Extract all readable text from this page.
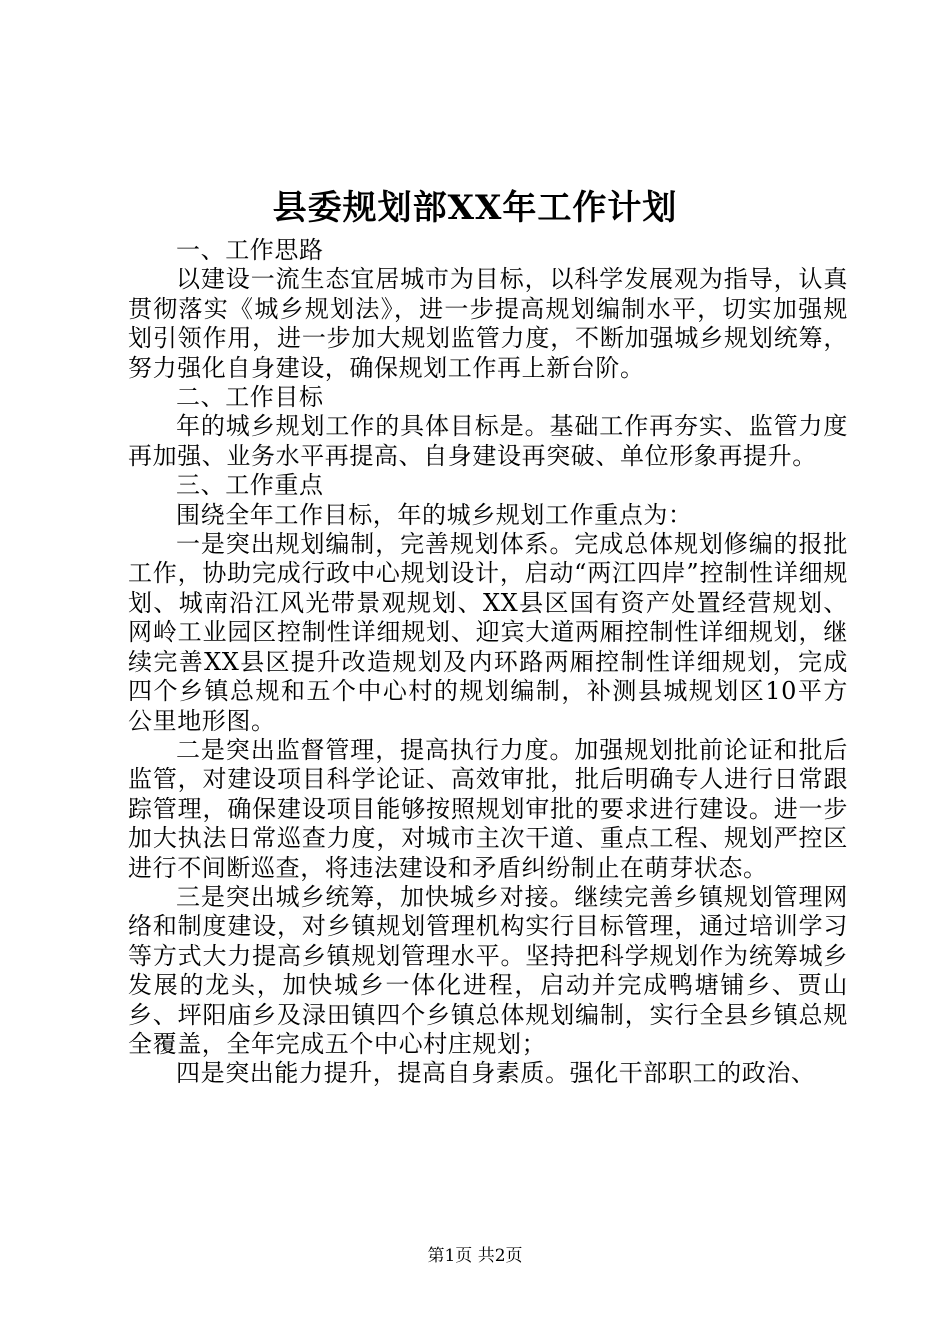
县委规划部XX年工作计划

一、工作思路

以建设一流生态宜居城市为目标，以科学发展观为指导，认真贯彻落实《城乡规划法》，进一步提高规划编制水平，切实加强规划引领作用，进一步加大规划监管力度，不断加强城乡规划统筹，努力强化自身建设，确保规划工作再上新台阶。

二、工作目标

年的城乡规划工作的具体目标是。基础工作再夯实、监管力度再加强、业务水平再提高、自身建设再突破、单位形象再提升。

三、工作重点

围绕全年工作目标，年的城乡规划工作重点为：

一是突出规划编制，完善规划体系。完成总体规划修编的报批工作，协助完成行政中心规划设计，启动“两江四岸”控制性详细规划、城南沿江风光带景观规划、XX县区国有资产处置经营规划、网岭工业园区控制性详细规划、迎宾大道两厢控制性详细规划，继续完善XX县区提升改造规划及内环路两厢控制性详细规划，完成四个乡镇总规和五个中心村的规划编制，补测县城规划区10平方公里地形图。

二是突出监督管理，提高执行力度。加强规划批前论证和批后监管，对建设项目科学论证、高效审批，批后明确专人进行日常跟踪管理，确保建设项目能够按照规划审批的要求进行建设。进一步加大执法日常巡查力度，对城市主次干道、重点工程、规划严控区进行不间断巡查，将违法建设和矛盾纠纷制止在萌芽状态。

三是突出城乡统筹，加快城乡对接。继续完善乡镇规划管理网络和制度建设，对乡镇规划管理机构实行目标管理，通过培训学习等方式大力提高乡镇规划管理水平。坚持把科学规划作为统筹城乡发展的龙头，加快城乡一体化进程，启动并完成鸭塘铺乡、贾山乡、坪阳庙乡及渌田镇四个乡镇总体规划编制，实行全县乡镇总规全覆盖，全年完成五个中心村庄规划；

四是突出能力提升，提高自身素质。强化干部职工的政治、

第1页 共2页
